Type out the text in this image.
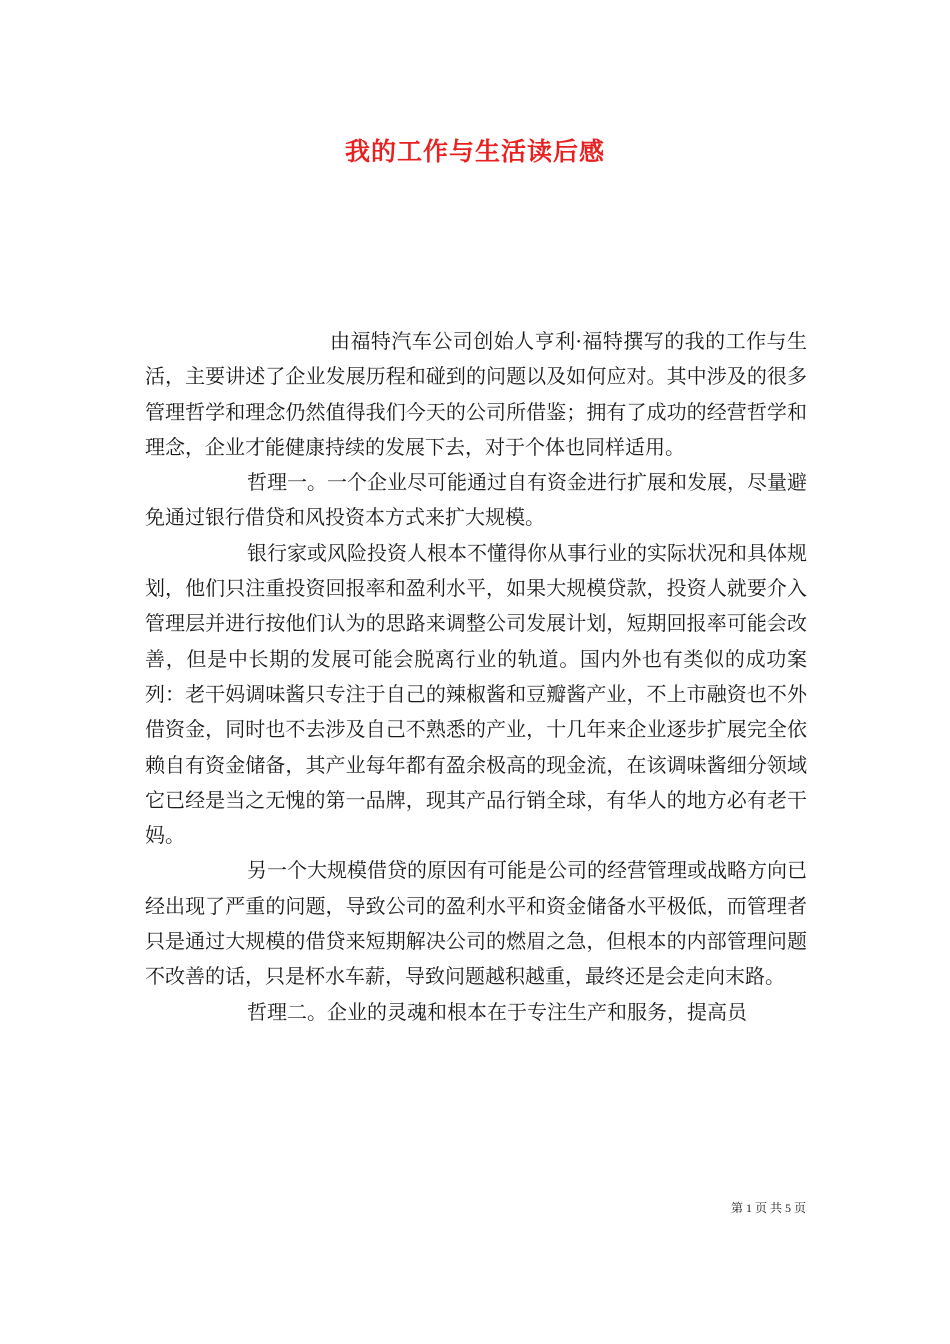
我的工作与生活读后感

由福特汽车公司创始人亨利·福特撰写的我的工作与生活，主要讲述了企业发展历程和碰到的问题以及如何应对。其中涉及的很多管理哲学和理念仍然值得我们今天的公司所借鉴；拥有了成功的经营哲学和理念，企业才能健康持续的发展下去，对于个体也同样适用。

哲理一。一个企业尽可能通过自有资金进行扩展和发展，尽量避免通过银行借贷和风投资本方式来扩大规模。

银行家或风险投资人根本不懂得你从事行业的实际状况和具体规划，他们只注重投资回报率和盈利水平，如果大规模贷款，投资人就要介入管理层并进行按他们认为的思路来调整公司发展计划，短期回报率可能会改善，但是中长期的发展可能会脱离行业的轨道。国内外也有类似的成功案列：老干妈调味酱只专注于自己的辣椒酱和豆瓣酱产业，不上市融资也不外借资金，同时也不去涉及自己不熟悉的产业，十几年来企业逐步扩展完全依赖自有资金储备，其产业每年都有盈余极高的现金流，在该调味酱细分领域它已经是当之无愧的第一品牌，现其产品行销全球，有华人的地方必有老干妈。

另一个大规模借贷的原因有可能是公司的经营管理或战略方向已经出现了严重的问题，导致公司的盈利水平和资金储备水平极低，而管理者只是通过大规模的借贷来短期解决公司的燃眉之急，但根本的内部管理问题不改善的话，只是杯水车薪，导致问题越积越重，最终还是会走向末路。

哲理二。企业的灵魂和根本在于专注生产和服务，提高员

第 1 页 共 5 页
